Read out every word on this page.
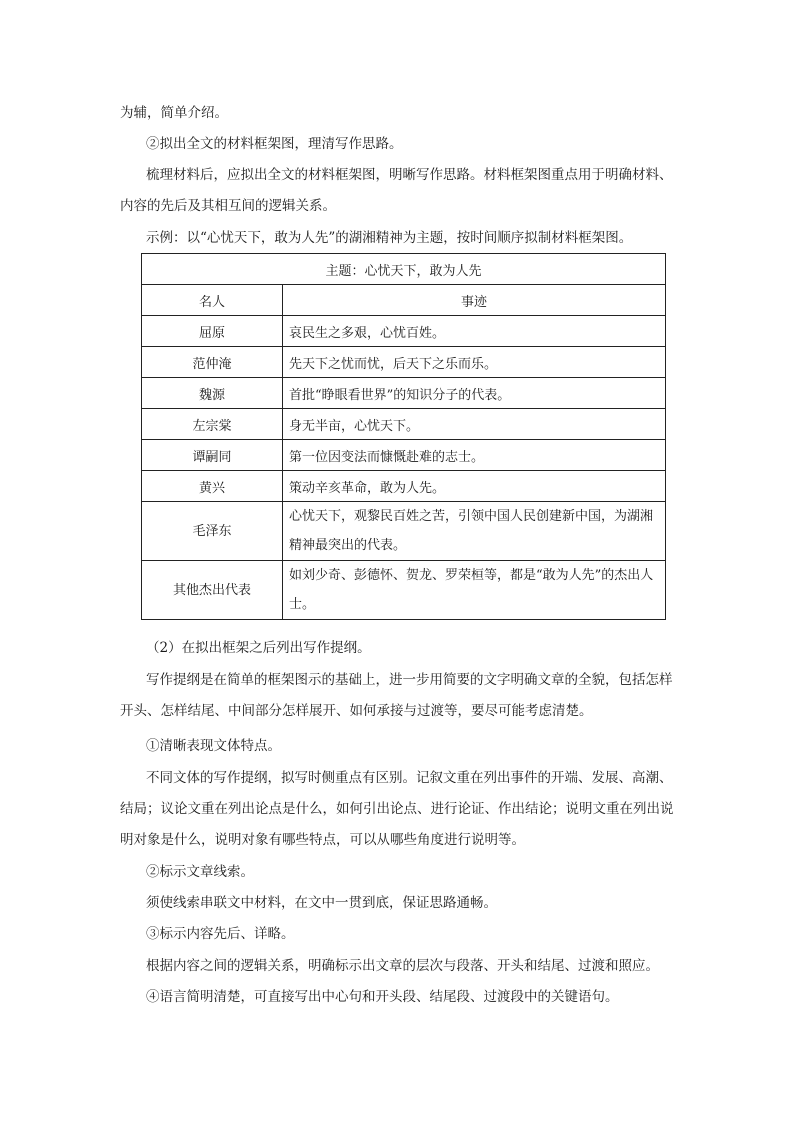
为辅，简单介绍。
②拟出全文的材料框架图，理清写作思路。
梳理材料后，应拟出全文的材料框架图，明晰写作思路。材料框架图重点用于明确材料、内容的先后及其相互间的逻辑关系。
示例：以“心忧天下，敢为人先”的湖湘精神为主题，按时间顺序拟制材料框架图。
主题：心忧天下，敢为人先	
名人	事迹
屈原	哀民生之多艰，心忧百姓。
范仲淹	先天下之忧而忧，后天下之乐而乐。
魏源	首批“睁眼看世界”的知识分子的代表。
左宗棠	身无半亩，心忧天下。
谭嗣同	第一位因变法而慷慨赴难的志士。
黄兴	策动辛亥革命，敢为人先。
毛泽东	心忧天下，观黎民百姓之苦，引领中国人民创建新中国，为湖湘精神最突出的代表。
其他杰出代表	如刘少奇、彭德怀、贺龙、罗荣桓等，都是“敢为人先”的杰出人士。
（2）在拟出框架之后列出写作提纲。
写作提纲是在简单的框架图示的基础上，进一步用简要的文字明确文章的全貌，包括怎样开头、怎样结尾、中间部分怎样展开、如何承接与过渡等，要尽可能考虑清楚。
①清晰表现文体特点。
不同文体的写作提纲，拟写时侧重点有区别。记叙文重在列出事件的开端、发展、高潮、结局；议论文重在列出论点是什么，如何引出论点、进行论证、作出结论；说明文重在列出说明对象是什么，说明对象有哪些特点，可以从哪些角度进行说明等。
②标示文章线索。
须使线索串联文中材料，在文中一贯到底，保证思路通畅。
③标示内容先后、详略。
根据内容之间的逻辑关系，明确标示出文章的层次与段落、开头和结尾、过渡和照应。
④语言简明清楚，可直接写出中心句和开头段、结尾段、过渡段中的关键语句。
